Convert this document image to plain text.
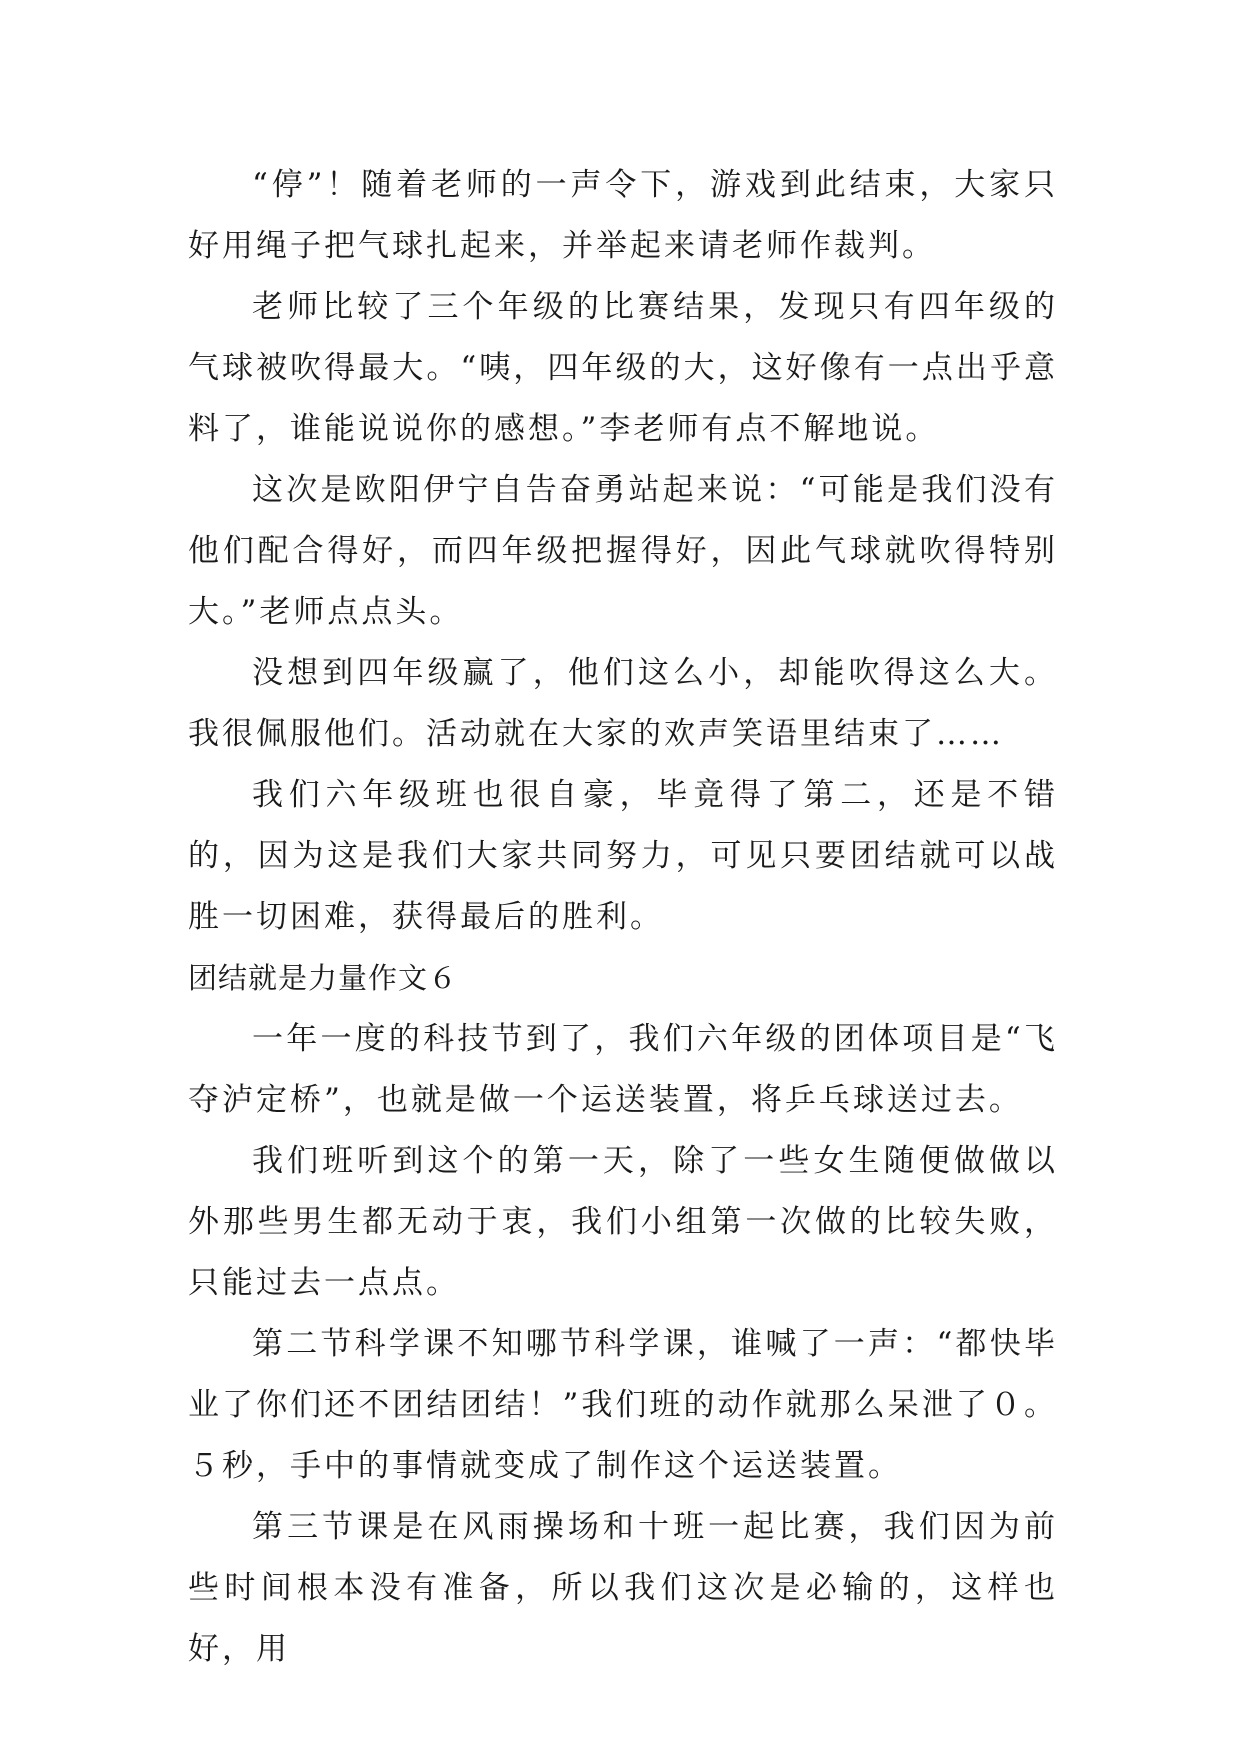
“停”！随着老师的一声令下，游戏到此结束，大家只好用绳子把气球扎起来，并举起来请老师作裁判。

老师比较了三个年级的比赛结果，发现只有四年级的气球被吹得最大。“咦，四年级的大，这好像有一点出乎意料了，谁能说说你的感想。”李老师有点不解地说。

这次是欧阳伊宁自告奋勇站起来说：“可能是我们没有他们配合得好，而四年级把握得好，因此气球就吹得特别大。”老师点点头。

没想到四年级赢了，他们这么小，却能吹得这么大。我很佩服他们。活动就在大家的欢声笑语里结束了……

我们六年级班也很自豪，毕竟得了第二，还是不错的，因为这是我们大家共同努力，可见只要团结就可以战胜一切困难，获得最后的胜利。

团结就是力量作文６

一年一度的科技节到了，我们六年级的团体项目是“飞夺泸定桥”，也就是做一个运送装置，将乒乓球送过去。

我们班听到这个的第一天，除了一些女生随便做做以外那些男生都无动于衷，我们小组第一次做的比较失败，只能过去一点点。

第二节科学课不知哪节科学课，谁喊了一声：“都快毕业了你们还不团结团结！”我们班的动作就那么呆泄了０。５秒，手中的事情就变成了制作这个运送装置。

第三节课是在风雨操场和十班一起比赛，我们因为前些时间根本没有准备，所以我们这次是必输的，这样也好，用
